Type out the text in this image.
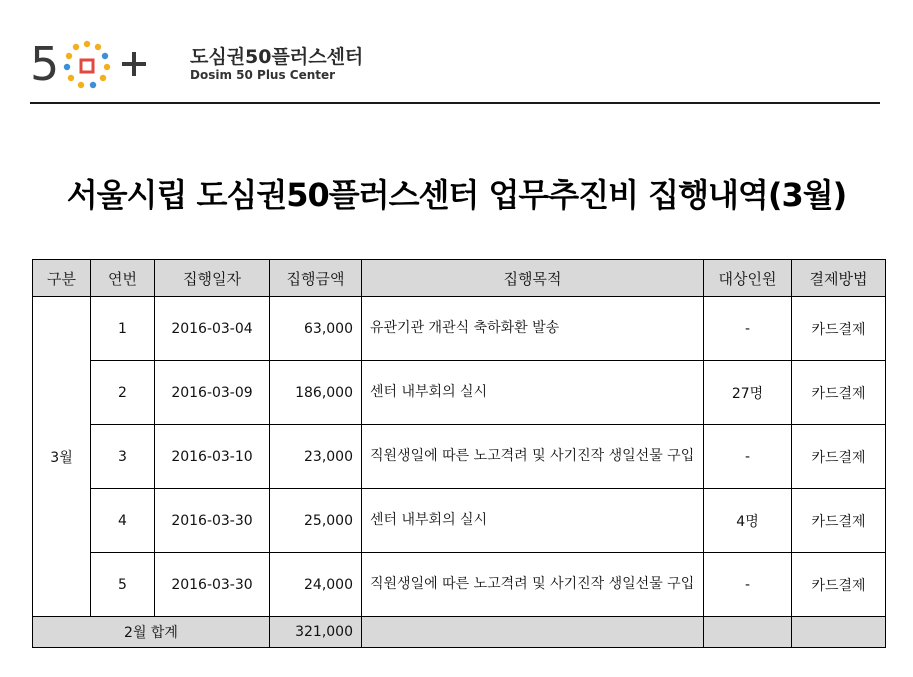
5	도심권50플러스센터
Dosim 50 Plus Center
서울시립 도심권50플러스센터 업무추진비 집행내역(3월)
구분	연번	집행일자	집행금액	집행목적	대상인원	결제방법
3월	1	2016-03-04	63,000	유관기관 개관식 축하화환 발송	-	카드결제
	2	2016-03-09	186,000	센터 내부회의 실시	27명	카드결제
	3	2016-03-10	23,000	직원생일에 따른 노고격려 및 사기진작 생일선물 구입	-	카드결제
	4	2016-03-30	25,000	센터 내부회의 실시	4명	카드결제
	5	2016-03-30	24,000	직원생일에 따른 노고격려 및 사기진작 생일선물 구입	-	카드결제
2월 합계			321,000			
